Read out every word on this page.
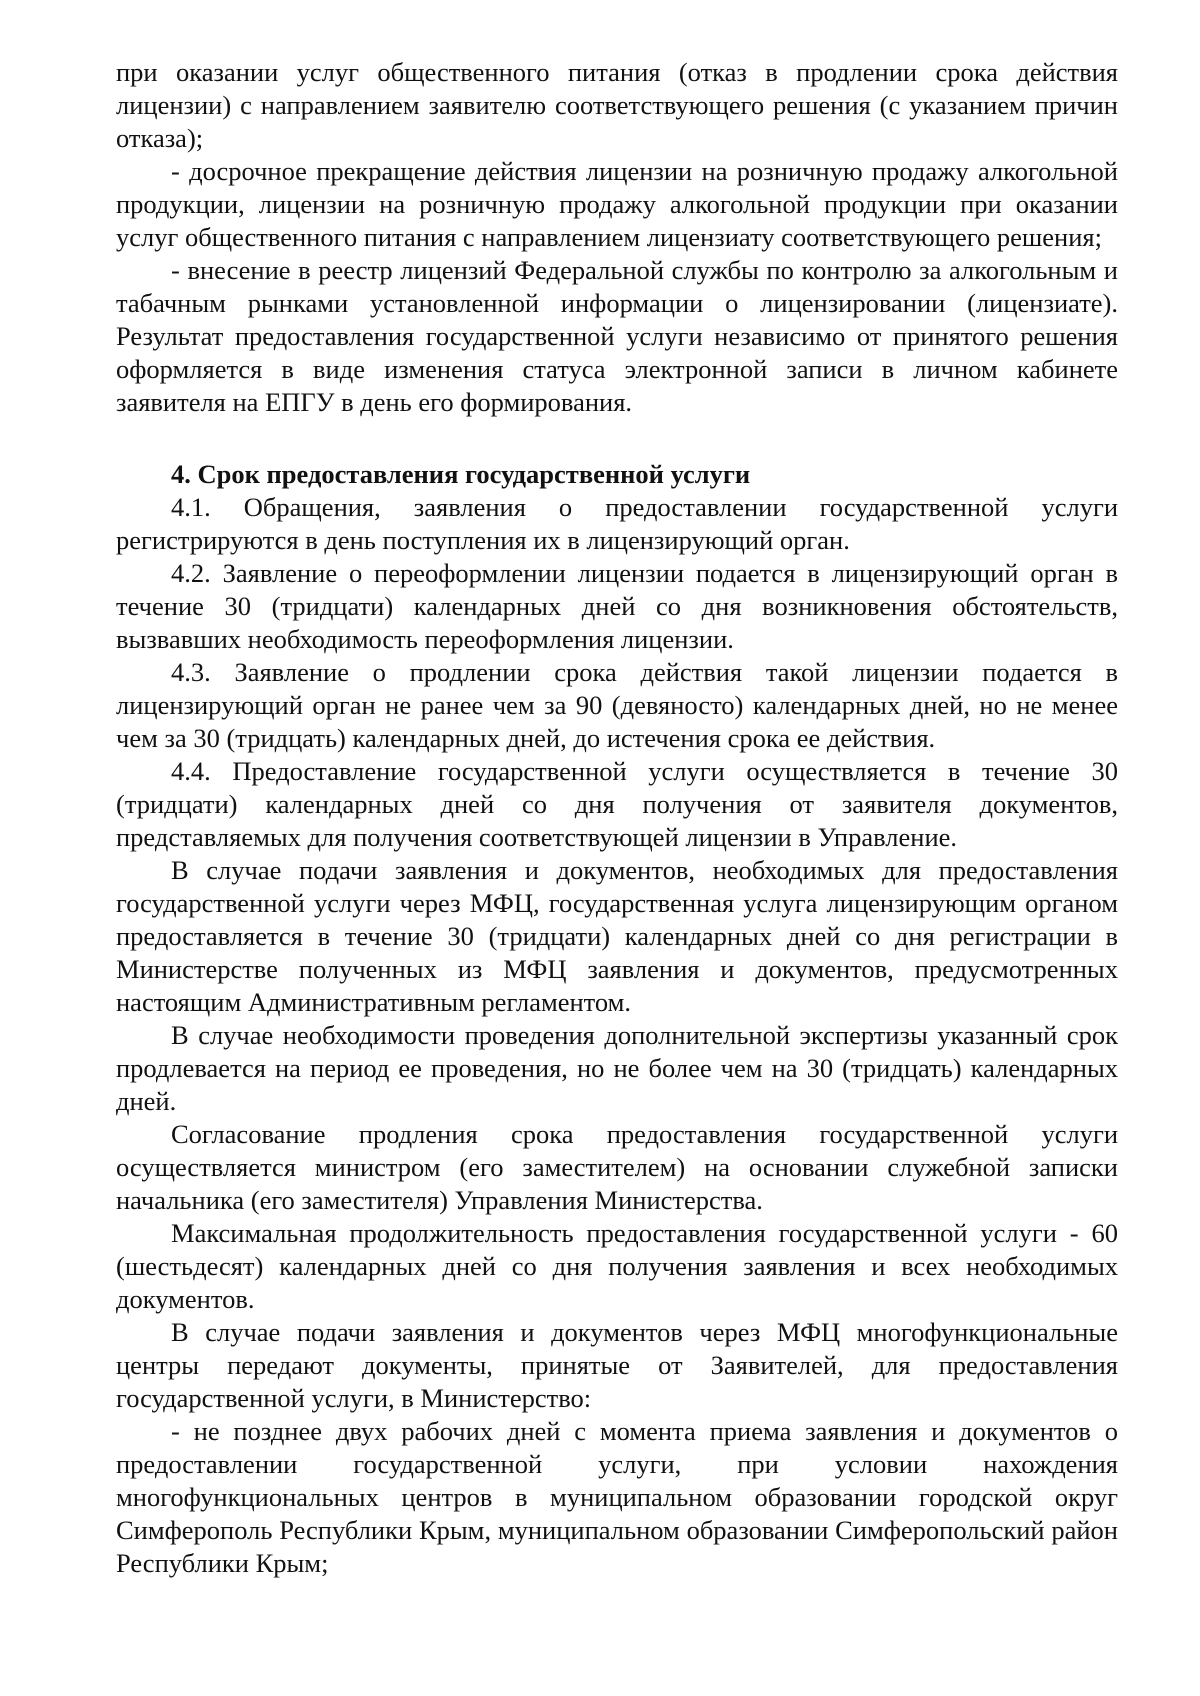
при оказании услуг общественного питания (отказ в продлении срока действия лицензии) с направлением заявителю соответствующего решения (с указанием причин отказа);

- досрочное прекращение действия лицензии на розничную продажу алкогольной продукции, лицензии на розничную продажу алкогольной продукции при оказании услуг общественного питания с направлением лицензиату соответствующего решения;

- внесение в реестр лицензий Федеральной службы по контролю за алкогольным и табачным рынками установленной информации о лицензировании (лицензиате). Результат предоставления государственной услуги независимо от принятого решения оформляется в виде изменения статуса электронной записи в личном кабинете заявителя на ЕПГУ в день его формирования.

4. Срок предоставления государственной услуги

4.1. Обращения, заявления о предоставлении государственной услуги регистрируются в день поступления их в лицензирующий орган.

4.2. Заявление о переоформлении лицензии подается в лицензирующий орган в течение 30 (тридцати) календарных дней со дня возникновения обстоятельств, вызвавших необходимость переоформления лицензии.

4.3. Заявление о продлении срока действия такой лицензии подается в лицензирующий орган не ранее чем за 90 (девяносто) календарных дней, но не менее чем за 30 (тридцать) календарных дней, до истечения срока ее действия.

4.4. Предоставление государственной услуги осуществляется в течение 30 (тридцати) календарных дней со дня получения от заявителя документов, представляемых для получения соответствующей лицензии в Управление.

В случае подачи заявления и документов, необходимых для предоставления государственной услуги через МФЦ, государственная услуга лицензирующим органом предоставляется в течение 30 (тридцати) календарных дней со дня регистрации в Министерстве полученных из МФЦ заявления и документов, предусмотренных настоящим Административным регламентом.

В случае необходимости проведения дополнительной экспертизы указанный срок продлевается на период ее проведения, но не более чем на 30 (тридцать) календарных дней.

Согласование продления срока предоставления государственной услуги осуществляется министром (его заместителем) на основании служебной записки начальника (его заместителя) Управления Министерства.

Максимальная продолжительность предоставления государственной услуги - 60 (шестьдесят) календарных дней со дня получения заявления и всех необходимых документов.

В случае подачи заявления и документов через МФЦ многофункциональные центры передают документы, принятые от Заявителей, для предоставления государственной услуги, в Министерство:

- не позднее двух рабочих дней с момента приема заявления и документов о предоставлении государственной услуги, при условии нахождения многофункциональных центров в муниципальном образовании городской округ Симферополь Республики Крым, муниципальном образовании Симферопольский район Республики Крым;
